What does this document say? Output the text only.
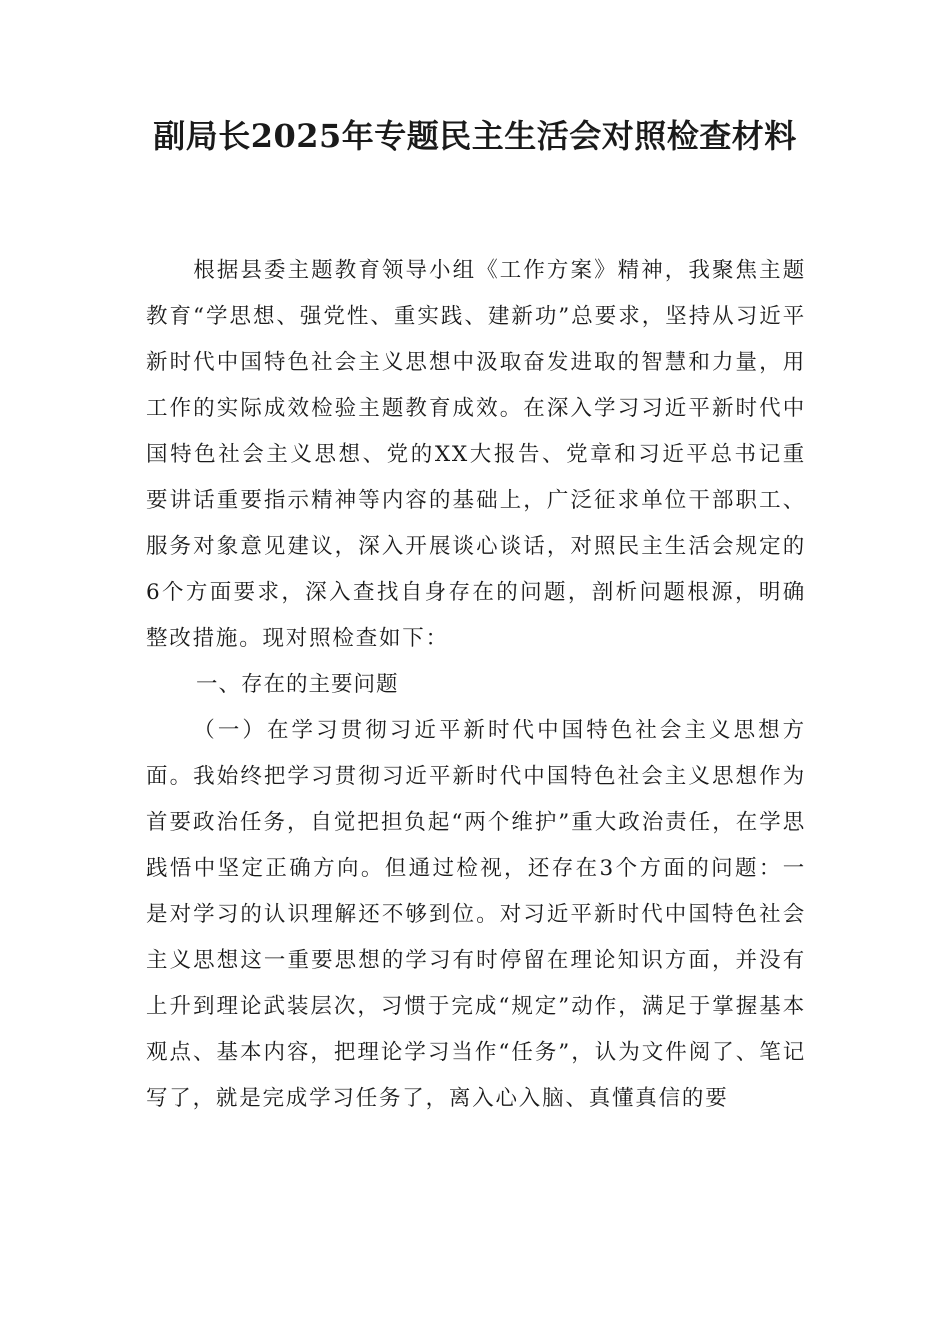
副局长2025年专题民主生活会对照检查材料

根据县委主题教育领导小组《工作方案》精神，我聚焦主题教育“学思想、强党性、重实践、建新功”总要求，坚持从习近平新时代中国特色社会主义思想中汲取奋发进取的智慧和力量，用工作的实际成效检验主题教育成效。在深入学习习近平新时代中国特色社会主义思想、党的XX大报告、党章和习近平总书记重要讲话重要指示精神等内容的基础上，广泛征求单位干部职工、服务对象意见建议，深入开展谈心谈话，对照民主生活会规定的6个方面要求，深入查找自身存在的问题，剖析问题根源，明确整改措施。现对照检查如下：

一、存在的主要问题

（一）在学习贯彻习近平新时代中国特色社会主义思想方面。我始终把学习贯彻习近平新时代中国特色社会主义思想作为首要政治任务，自觉把担负起“两个维护”重大政治责任，在学思践悟中坚定正确方向。但通过检视，还存在3个方面的问题：一是对学习的认识理解还不够到位。对习近平新时代中国特色社会主义思想这一重要思想的学习有时停留在理论知识方面，并没有上升到理论武装层次，习惯于完成“规定”动作，满足于掌握基本观点、基本内容，把理论学习当作“任务”，认为文件阅了、笔记写了，就是完成学习任务了，离入心入脑、真懂真信的要
